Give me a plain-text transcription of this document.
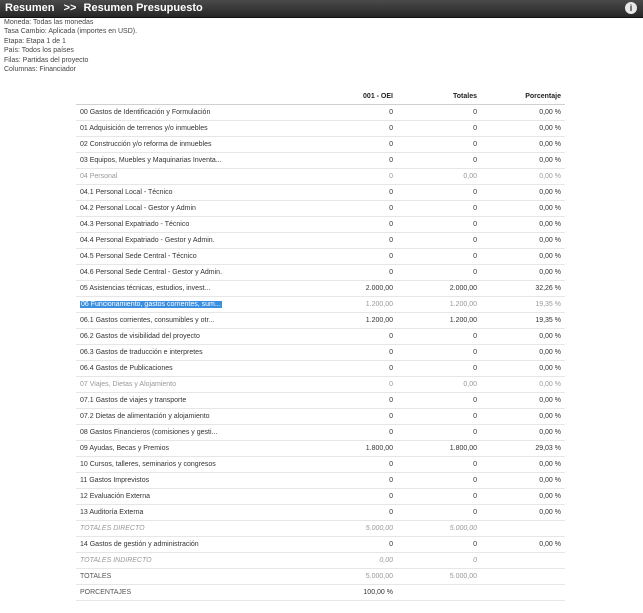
Resumen >> Resumen Presupuesto	i
Moneda: Todas las monedas
Tasa Cambio: Aplicada (importes en USD).
Etapa: Etapa 1 de 1
País: Todos los países
Filas: Partidas del proyecto
Columnas: Financiador
	001 - OEI	Totales	Porcentaje
00 Gastos de Identificación y Formulación	0	0	0,00 %
01 Adquisición de terrenos y/o inmuebles	0	0	0,00 %
02 Construcción y/o reforma de inmuebles	0	0	0,00 %
03 Equipos, Muebles y Maquinarias Inventa...	0	0	0,00 %
04 Personal	0	0,00	0,00 %
04.1 Personal Local - Técnico	0	0	0,00 %
04.2 Personal Local - Gestor y Admin	0	0	0,00 %
04.3 Personal Expatriado - Técnico	0	0	0,00 %
04.4 Personal Expatriado - Gestor y Admin.	0	0	0,00 %
04.5 Personal Sede Central - Técnico	0	0	0,00 %
04.6 Personal Sede Central - Gestor y Admin.	0	0	0,00 %
05 Asistencias técnicas, estudios, invest...	2.000,00	2.000,00	32,26 %
06 Funcionamiento, gastos corrientes, sum...	1.200,00	1.200,00	19,35 %
06.1 Gastos corrientes, consumibles y otr...	1.200,00	1.200,00	19,35 %
06.2 Gastos de visibilidad del proyecto	0	0	0,00 %
06.3 Gastos de traducción e interpretes	0	0	0,00 %
06.4 Gastos de Publicaciones	0	0	0,00 %
07 Viajes, Dietas y Alojamiento	0	0,00	0,00 %
07.1 Gastos de viajes y transporte	0	0	0,00 %
07.2 Dietas de alimentación y alojamiento	0	0	0,00 %
08 Gastos Financieros (comisiones y gesti...	0	0	0,00 %
09 Ayudas, Becas y Premios	1.800,00	1.800,00	29,03 %
10 Cursos, talleres, seminarios y congresos	0	0	0,00 %
11 Gastos Imprevistos	0	0	0,00 %
12 Evaluación Externa	0	0	0,00 %
13 Auditoría Externa	0	0	0,00 %
TOTALES DIRECTO	5.000,00	5.000,00	
14 Gastos de gestión y administración	0	0	0,00 %
TOTALES INDIRECTO	0,00	0	
TOTALES	5.000,00	5.000,00	
PORCENTAJES	100,00 %		
